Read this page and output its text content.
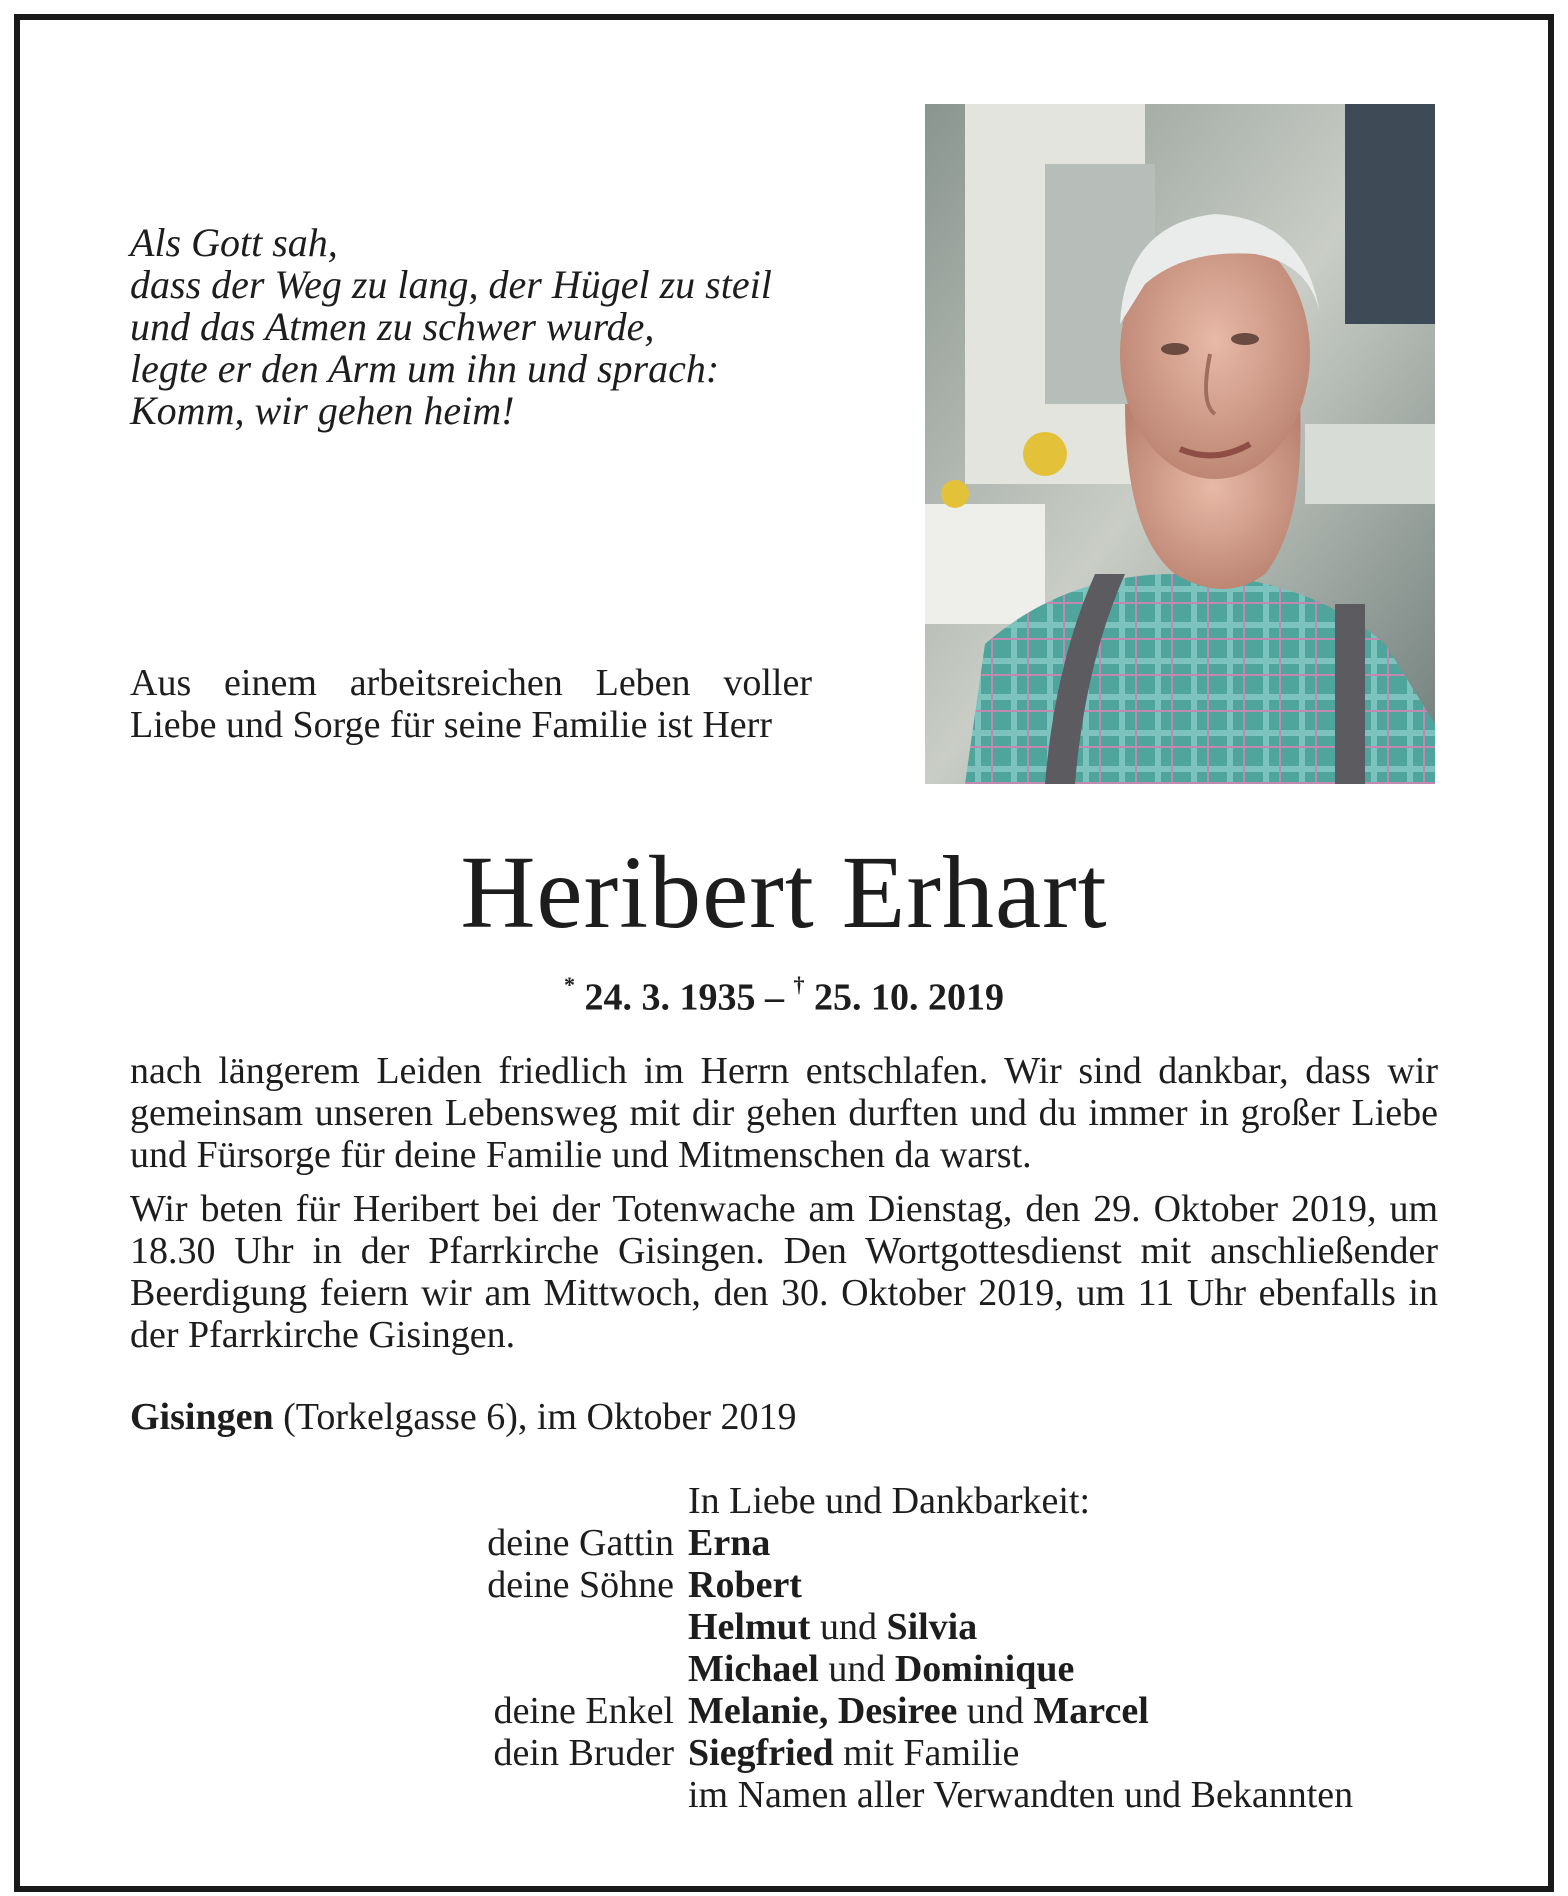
Als Gott sah,
dass der Weg zu lang, der Hügel zu steil
und das Atmen zu schwer wurde,
legte er den Arm um ihn und sprach:
Komm, wir gehen heim!

Aus einem arbeitsreichen Leben voller Liebe und Sorge für seine Familie ist Herr

Heribert Erhart
* 24. 3. 1935 – † 25. 10. 2019

nach längerem Leiden friedlich im Herrn entschlafen. Wir sind dankbar, dass wir gemeinsam unseren Lebensweg mit dir gehen durften und du immer in großer Liebe und Fürsorge für deine Familie und Mitmenschen da warst.

Wir beten für Heribert bei der Totenwache am Dienstag, den 29. Oktober 2019, um 18.30 Uhr in der Pfarrkirche Gisingen. Den Wortgottesdienst mit anschließender Beerdigung feiern wir am Mittwoch, den 30. Oktober 2019, um 11 Uhr ebenfalls in der Pfarrkirche Gisingen.

Gisingen (Torkelgasse 6), im Oktober 2019
In Liebe und Dankbarkeit:
deine Gattin Erna
deine Söhne Robert
Helmut und Silvia
Michael und Dominique
deine Enkel Melanie, Desiree und Marcel
dein Bruder Siegfried mit Familie
im Namen aller Verwandten und Bekannten
